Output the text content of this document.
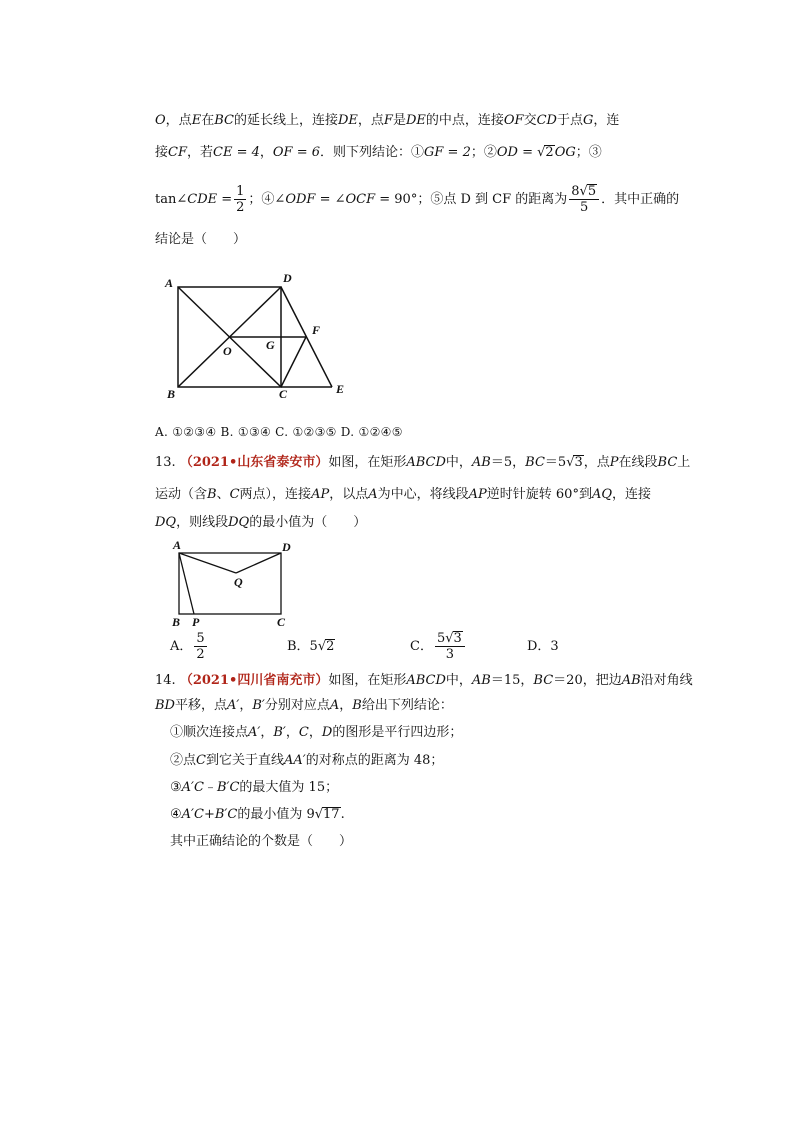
O，点E在BC的延长线上，连接DE，点F是DE的中点，连接OF交CD于点G，连
接CF，若CE = 4，OF = 6．则下列结论：①GF = 2；②OD = √2OG；③
tan∠CDE = $\frac{1}{2}$ ；④∠ODF = ∠OCF = 90°；⑤点 D 到 CF 的距离为 $\frac{8√5}{5}$ ．其中正确的
结论是（　　）
A	D
F
O	G
B	C	E
A	D
Q
B P	C
A. ①②③④ B. ①③④ C. ①②③⑤ D. ①②④⑤
13. （2021•山东省泰安市）如图，在矩形ABCD中，AB＝5，BC＝5√3，点P在线段BC上
运动（含B、C两点），连接AP，以点A为中心，将线段AP逆时针旋转 60°到AQ，连接
DQ，则线段DQ的最小值为（　　）
A． $\frac{5}{2}$	B．5√2	C． $\frac{5√3}{3}$	D．3
14. （2021•四川省南充市）如图，在矩形ABCD中，AB＝15，BC＝20，把边AB沿对角线
BD平移，点A′，B′分别对应点A，B给出下列结论：
①顺次连接点A′，B′，C，D的图形是平行四边形；
②点C到它关于直线AA′的对称点的距离为 48；
③A′C﹣B′C的最大值为 15；
④A′C+B′C的最小值为 9√17.
其中正确结论的个数是（　　）
